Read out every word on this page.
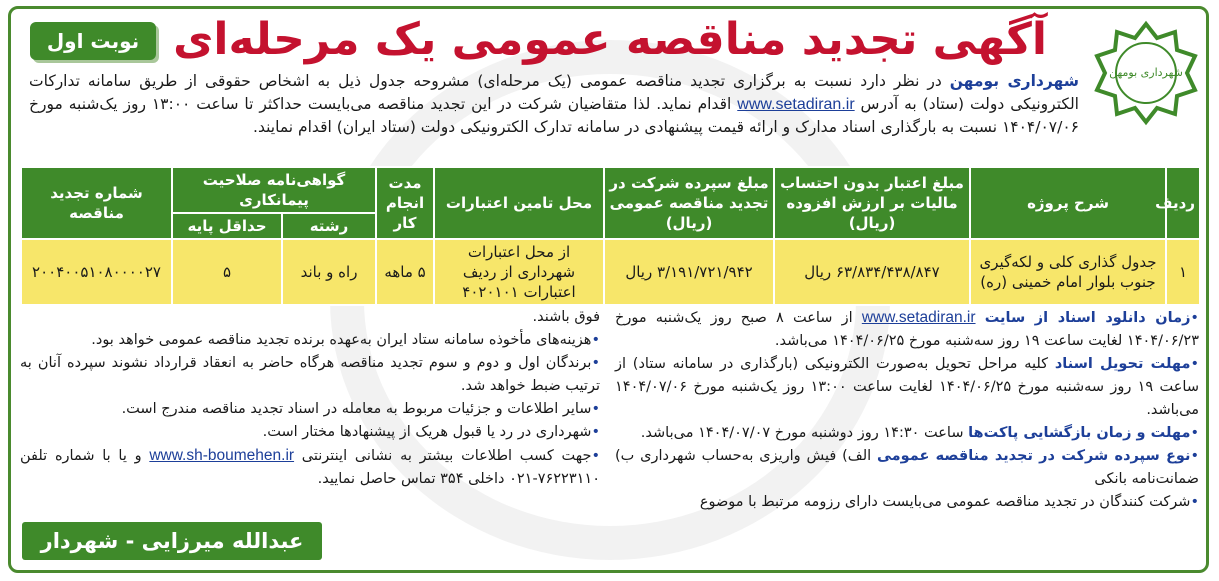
شهرداری بومهن
نوبت اول آگهی تجدید مناقصه عمومی یک مرحله‌ای
شهرداری بومهن در نظر دارد نسبت به برگزاری تجدید مناقصه عمومی (یک مرحله‌ای) مشروحه جدول ذیل به اشخاص حقوقی از طریق سامانه تدارکات الکترونیکی دولت (ستاد) به آدرس www.setadiran.ir اقدام نماید. لذا متقاضیان شرکت در این تجدید مناقصه می‌بایست حداکثر تا ساعت ۱۳:۰۰ روز یک‌شنبه مورخ ۱۴۰۴/۰۷/۰۶ نسبت به بارگذاری اسناد مدارک و ارائه قیمت پیشنهادی در سامانه تدارک الکترونیکی دولت (ستاد ایران) اقدام نمایند.
ردیف	شرح پروژه	مبلغ اعتبار بدون احتساب مالیات بر ارزش افزوده (ریال)	مبلغ سپرده شرکت در تجدید مناقصه عمومی (ریال)	محل تامین اعتبارات	مدت انجام کار	گواهی‌نامه صلاحیت پیمانکاری		شماره تجدید مناقصه
						رشته	حداقل پایه	
۱	جدول گذاری کلی و لکه‌گیری جنوب بلوار امام خمینی (ره)	۶۳/۸۳۴/۴۳۸/۸۴۷ ریال	۳/۱۹۱/۷۲۱/۹۴۲ ریال	از محل اعتبارات شهرداری از ردیف اعتبارات ۴۰۲۰۱۰۱	۵ ماهه	راه و باند	۵	۲۰۰۴۰۰۵۱۰۸۰۰۰۰۲۷

•زمان دانلود اسناد از سایت www.setadiran.ir از ساعت ۸ صبح روز یک‌شنبه مورخ ۱۴۰۴/۰۶/۲۳ لغایت ساعت ۱۹ روز سه‌شنبه مورخ ۱۴۰۴/۰۶/۲۵ می‌باشد.

•مهلت تحویل اسناد کلیه مراحل تحویل به‌صورت الکترونیکی (بارگذاری در سامانه ستاد) از ساعت ۱۹ روز سه‌شنبه مورخ ۱۴۰۴/۰۶/۲۵ لغایت ساعت ۱۳:۰۰ روز یک‌شنبه مورخ ۱۴۰۴/۰۷/۰۶ می‌باشد.

•مهلت و زمان بازگشایی پاکت‌ها ساعت ۱۴:۳۰ روز دوشنبه مورخ ۱۴۰۴/۰۷/۰۷ می‌باشد.

•نوع سپرده شرکت در تجدید مناقصه عمومی الف) فیش واریزی به‌حساب شهرداری ب) ضمانت‌نامه بانکی

•شرکت کنندگان در تجدید مناقصه عمومی می‌بایست دارای رزومه مرتبط با موضوع

فوق باشند.

•هزینه‌های مأخوذه سامانه ستاد ایران به‌عهده برنده تجدید مناقصه عمومی خواهد بود.

•برندگان اول و دوم و سوم تجدید مناقصه هرگاه حاضر به انعقاد قرارداد نشوند سپرده آنان به ترتیب ضبط خواهد شد.

•سایر اطلاعات و جزئیات مربوط به معامله در اسناد تجدید مناقصه مندرج است.

•شهرداری در رد یا قبول هریک از پیشنهادها مختار است.

•جهت کسب اطلاعات بیشتر به نشانی اینترنتی www.sh-boumehen.ir و یا با شماره تلفن ۷۶۲۲۳۱۱۰-۰۲۱ داخلی ۳۵۴ تماس حاصل نمایید.

عبدالله میرزایی - شهردار
